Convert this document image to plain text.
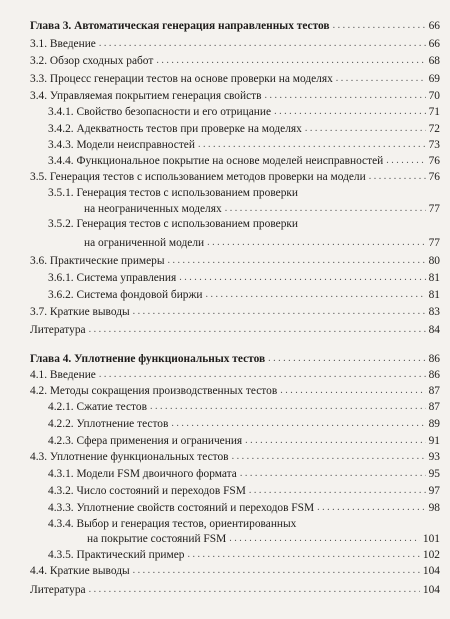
Глава 3. Автоматическая генерация направленных тестов . . .	66
3.1. Введение . . .	66
3.2. Обзор сходных работ . . .	68
3.3. Процесс генерации тестов на основе проверки на моделях . . .	69
3.4. Управляемая покрытием генерация свойств . . .	70
3.4.1. Свойство безопасности и его отрицание . . .	71
3.4.2. Адекватность тестов при проверке на моделях . . .	72
3.4.3. Модели неисправностей . . .	73
3.4.4. Функциональное покрытие на основе моделей неисправностей . . .	76
3.5. Генерация тестов с использованием методов проверки на модели . . .	76
3.5.1. Генерация тестов с использованием проверки
на неограниченных моделях . . .	77
3.5.2. Генерация тестов с использованием проверки
на ограниченной модели . . .	77
3.6. Практические примеры . . .	80
3.6.1. Система управления . . .	81
3.6.2. Система фондовой биржи . . .	81
3.7. Краткие выводы . . .	83
Литература . . .	84
Глава 4. Уплотнение функциональных тестов . . .	86
4.1. Введение . . .	86
4.2. Методы сокращения производственных тестов . . .	87
4.2.1. Сжатие тестов . . .	87
4.2.2. Уплотнение тестов . . .	89
4.2.3. Сфера применения и ограничения . . .	91
4.3. Уплотнение функциональных тестов . . .	93
4.3.1. Модели FSM двоичного формата . . .	95
4.3.2. Число состояний и переходов FSM . . .	97
4.3.3. Уплотнение свойств состояний и переходов FSM . . .	98
4.3.4. Выбор и генерация тестов, ориентированных
на покрытие состояний FSM . . .	101
4.3.5. Практический пример . . .	102
4.4. Краткие выводы . . .	104
Литература . . .	104
